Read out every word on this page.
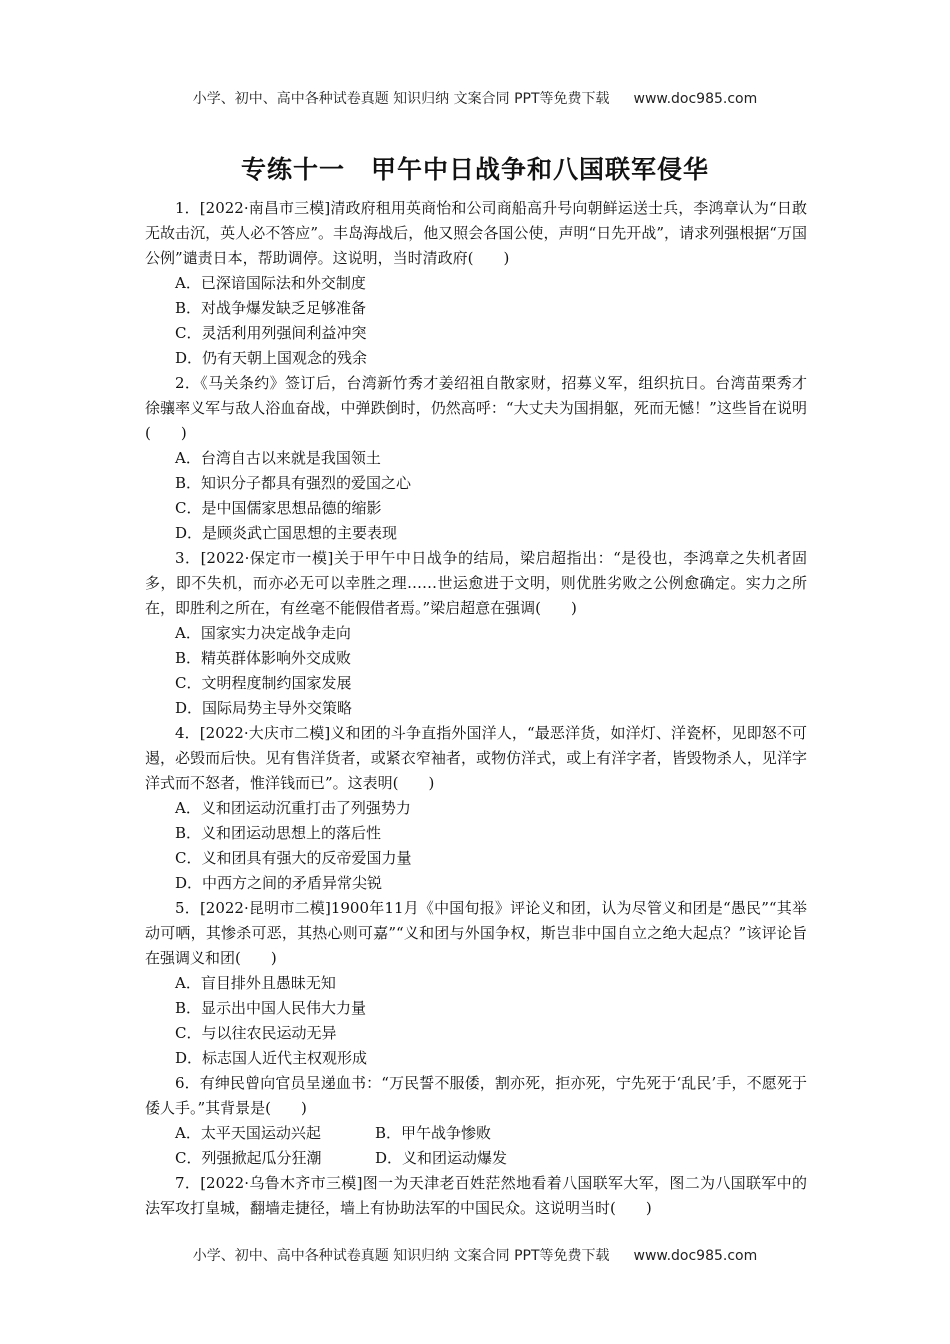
小学、初中、高中各种试卷真题 知识归纳 文案合同 PPT等免费下载 www.doc985.com
专练十一　甲午中日战争和八国联军侵华
1．[2022·南昌市三模]清政府租用英商怡和公司商船高升号向朝鲜运送士兵，李鸿章认为“日敢无故击沉，英人必不答应”。丰岛海战后，他又照会各国公使，声明“日先开战”，请求列强根据“万国公例”谴责日本，帮助调停。这说明，当时清政府(　　)
A．已深谙国际法和外交制度
B．对战争爆发缺乏足够准备
C．灵活利用列强间利益冲突
D．仍有天朝上国观念的残余
2．《马关条约》签订后，台湾新竹秀才姜绍祖自散家财，招募义军，组织抗日。台湾苗栗秀才徐骧率义军与敌人浴血奋战，中弹跌倒时，仍然高呼：“大丈夫为国捐躯，死而无憾！”这些旨在说明(　　)
A．台湾自古以来就是我国领土
B．知识分子都具有强烈的爱国之心
C．是中国儒家思想品德的缩影
D．是顾炎武亡国思想的主要表现
3．[2022·保定市一模]关于甲午中日战争的结局，梁启超指出：“是役也，李鸿章之失机者固多，即不失机，而亦必无可以幸胜之理……世运愈进于文明，则优胜劣败之公例愈确定。实力之所在，即胜利之所在，有丝毫不能假借者焉。”梁启超意在强调(　　)
A．国家实力决定战争走向
B．精英群体影响外交成败
C．文明程度制约国家发展
D．国际局势主导外交策略
4．[2022·大庆市二模]义和团的斗争直指外国洋人，“最恶洋货，如洋灯、洋瓷杯，见即怒不可遏，必毁而后快。见有售洋货者，或紧衣窄袖者，或物仿洋式，或上有洋字者，皆毁物杀人，见洋字洋式而不怒者，惟洋钱而已”。这表明(　　)
A．义和团运动沉重打击了列强势力
B．义和团运动思想上的落后性
C．义和团具有强大的反帝爱国力量
D．中西方之间的矛盾异常尖锐
5．[2022·昆明市二模]1900年11月《中国旬报》评论义和团，认为尽管义和团是“愚民”“其举动可哂，其惨杀可恶，其热心则可嘉”“义和团与外国争权，斯岂非中国自立之绝大起点？”该评论旨在强调义和团(　　)
A．盲目排外且愚昧无知
B．显示出中国人民伟大力量
C．与以往农民运动无异
D．标志国人近代主权观形成
6．有绅民曾向官员呈递血书：“万民誓不服倭，割亦死，拒亦死，宁先死于‘乱民’手，不愿死于倭人手。”其背景是(　　)
A．太平天国运动兴起	B．甲午战争惨败
C．列强掀起瓜分狂潮	D．义和团运动爆发
7．[2022·乌鲁木齐市三模]图一为天津老百姓茫然地看着八国联军大军，图二为八国联军中的法军攻打皇城，翻墙走捷径，墙上有协助法军的中国民众。这说明当时(　　)
小学、初中、高中各种试卷真题 知识归纳 文案合同 PPT等免费下载 www.doc985.com
